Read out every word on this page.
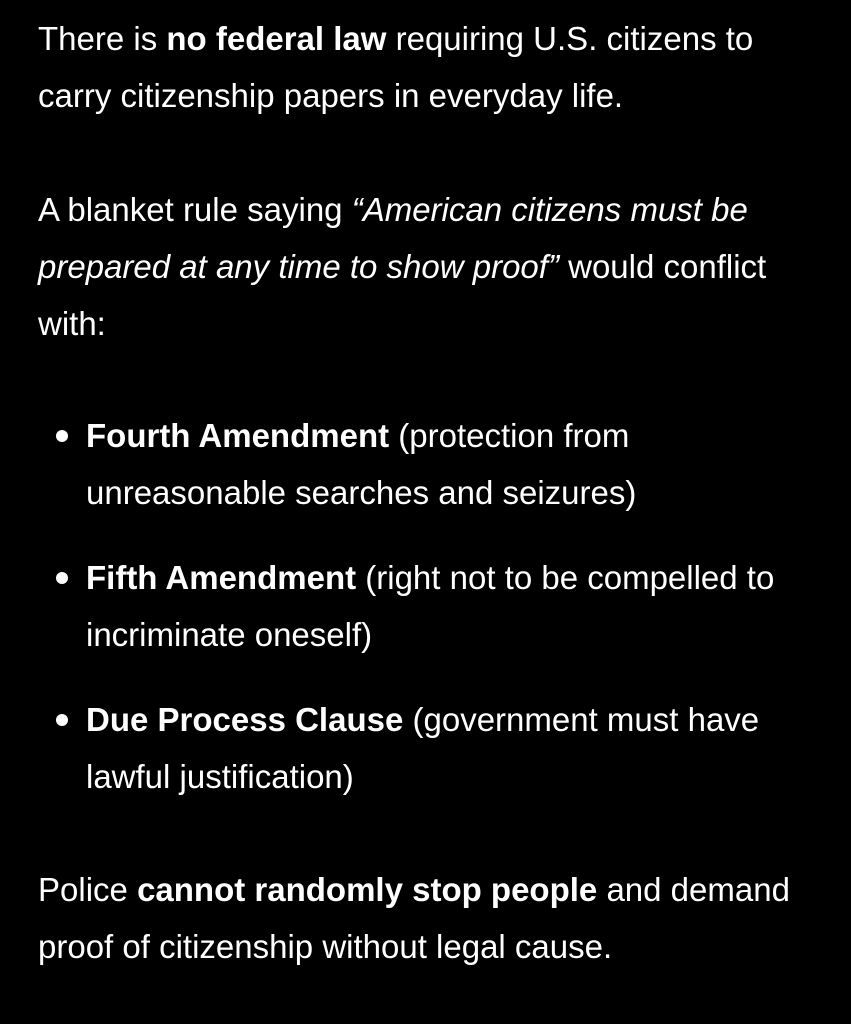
There is no federal law requiring U.S. citizens to carry citizenship papers in everyday life.

A blanket rule saying “American citizens must be prepared at any time to show proof” would conflict with:

Fourth Amendment (protection from unreasonable searches and seizures)
Fifth Amendment (right not to be compelled to incriminate oneself)
Due Process Clause (government must have lawful justification)

Police cannot randomly stop people and demand proof of citizenship without legal cause.
